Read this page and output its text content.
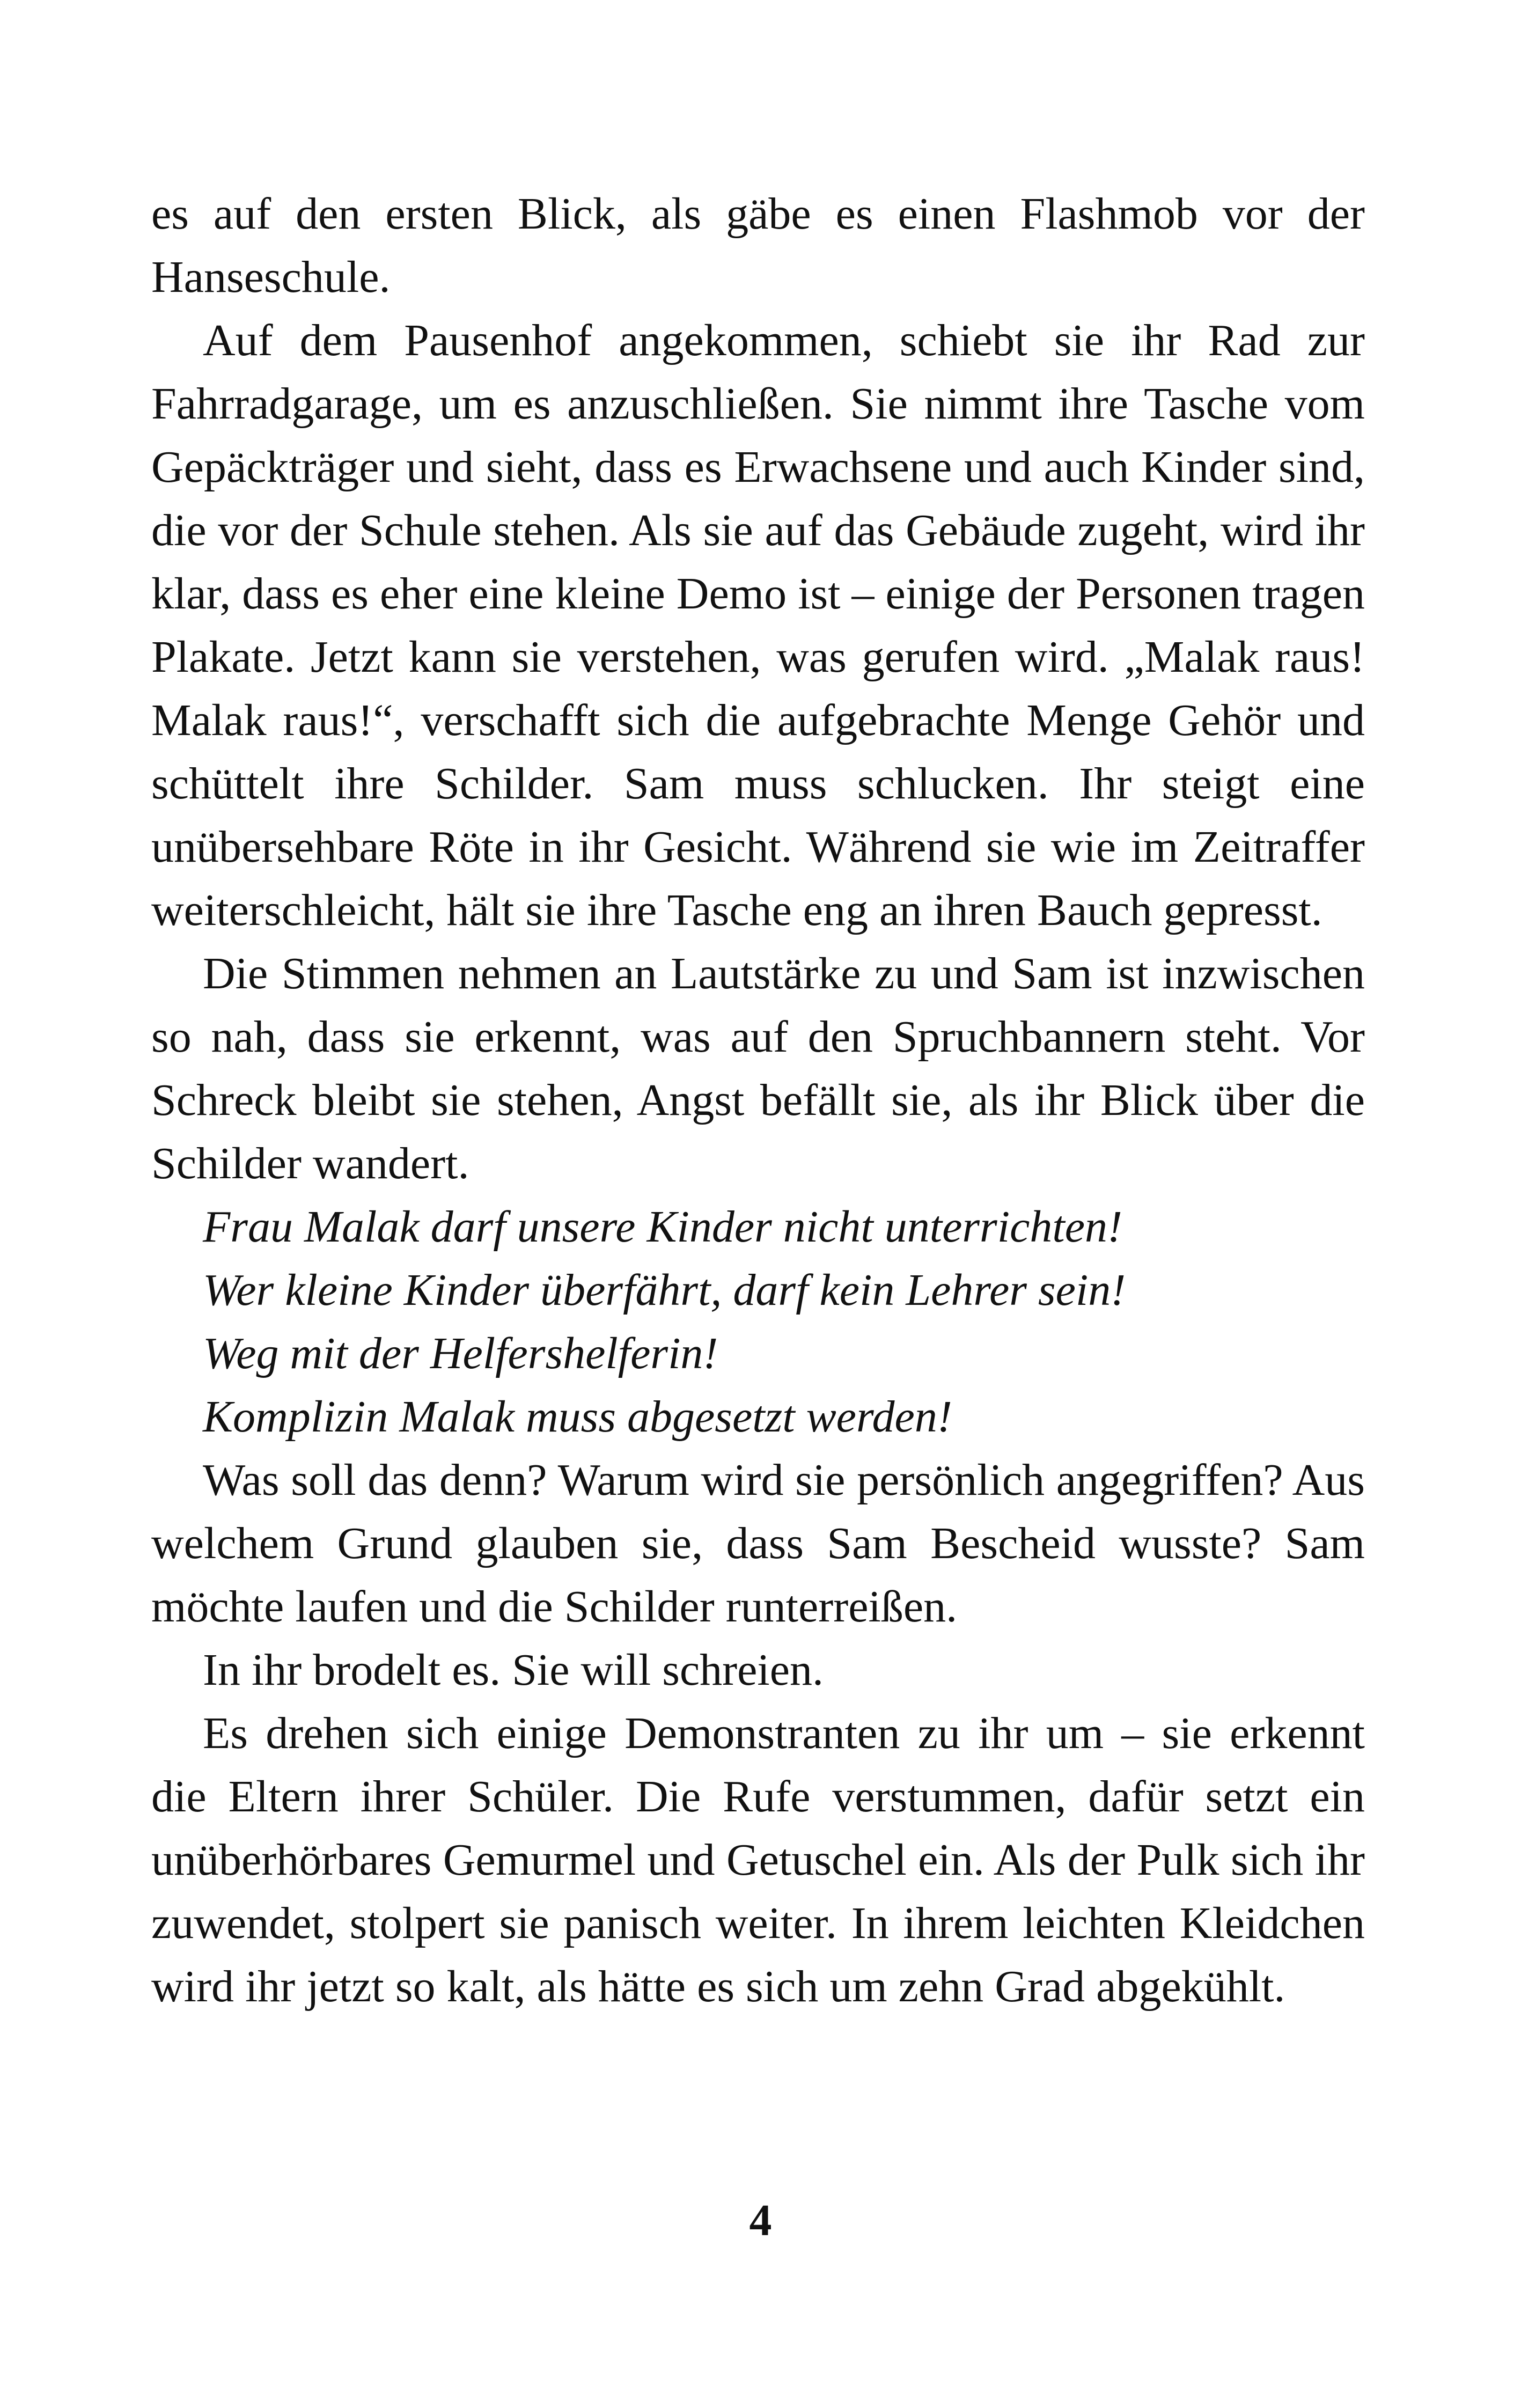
es auf den ersten Blick, als gäbe es einen Flashmob vor der Hanseschule.

Auf dem Pausenhof angekommen, schiebt sie ihr Rad zur Fahrradgarage, um es anzuschließen. Sie nimmt ihre Tasche vom Gepäckträger und sieht, dass es Erwachsene und auch Kinder sind, die vor der Schule stehen. Als sie auf das Gebäude zugeht, wird ihr klar, dass es eher eine kleine Demo ist – einige der Personen tragen Plakate. Jetzt kann sie verstehen, was gerufen wird. „Malak raus! Malak raus!“, verschafft sich die aufgebrachte Menge Gehör und schüttelt ihre Schilder. Sam muss schlucken. Ihr steigt eine unübersehbare Röte in ihr Gesicht. Während sie wie im Zeitraffer weiterschleicht, hält sie ihre Tasche eng an ihren Bauch gepresst.

Die Stimmen nehmen an Lautstärke zu und Sam ist inzwischen so nah, dass sie erkennt, was auf den Spruchbannern steht. Vor Schreck bleibt sie stehen, Angst befällt sie, als ihr Blick über die Schilder wandert.

Frau Malak darf unsere Kinder nicht unterrichten!

Wer kleine Kinder überfährt, darf kein Lehrer sein!

Weg mit der Helfershelferin!

Komplizin Malak muss abgesetzt werden!

Was soll das denn? Warum wird sie persönlich angegriffen? Aus welchem Grund glauben sie, dass Sam Bescheid wusste? Sam möchte laufen und die Schilder runterreißen.

In ihr brodelt es. Sie will schreien.

Es drehen sich einige Demonstranten zu ihr um – sie erkennt die Eltern ihrer Schüler. Die Rufe verstummen, dafür setzt ein unüberhörbares Gemurmel und Getuschel ein. Als der Pulk sich ihr zuwendet, stolpert sie panisch weiter. In ihrem leichten Kleidchen wird ihr jetzt so kalt, als hätte es sich um zehn Grad abgekühlt.

4
